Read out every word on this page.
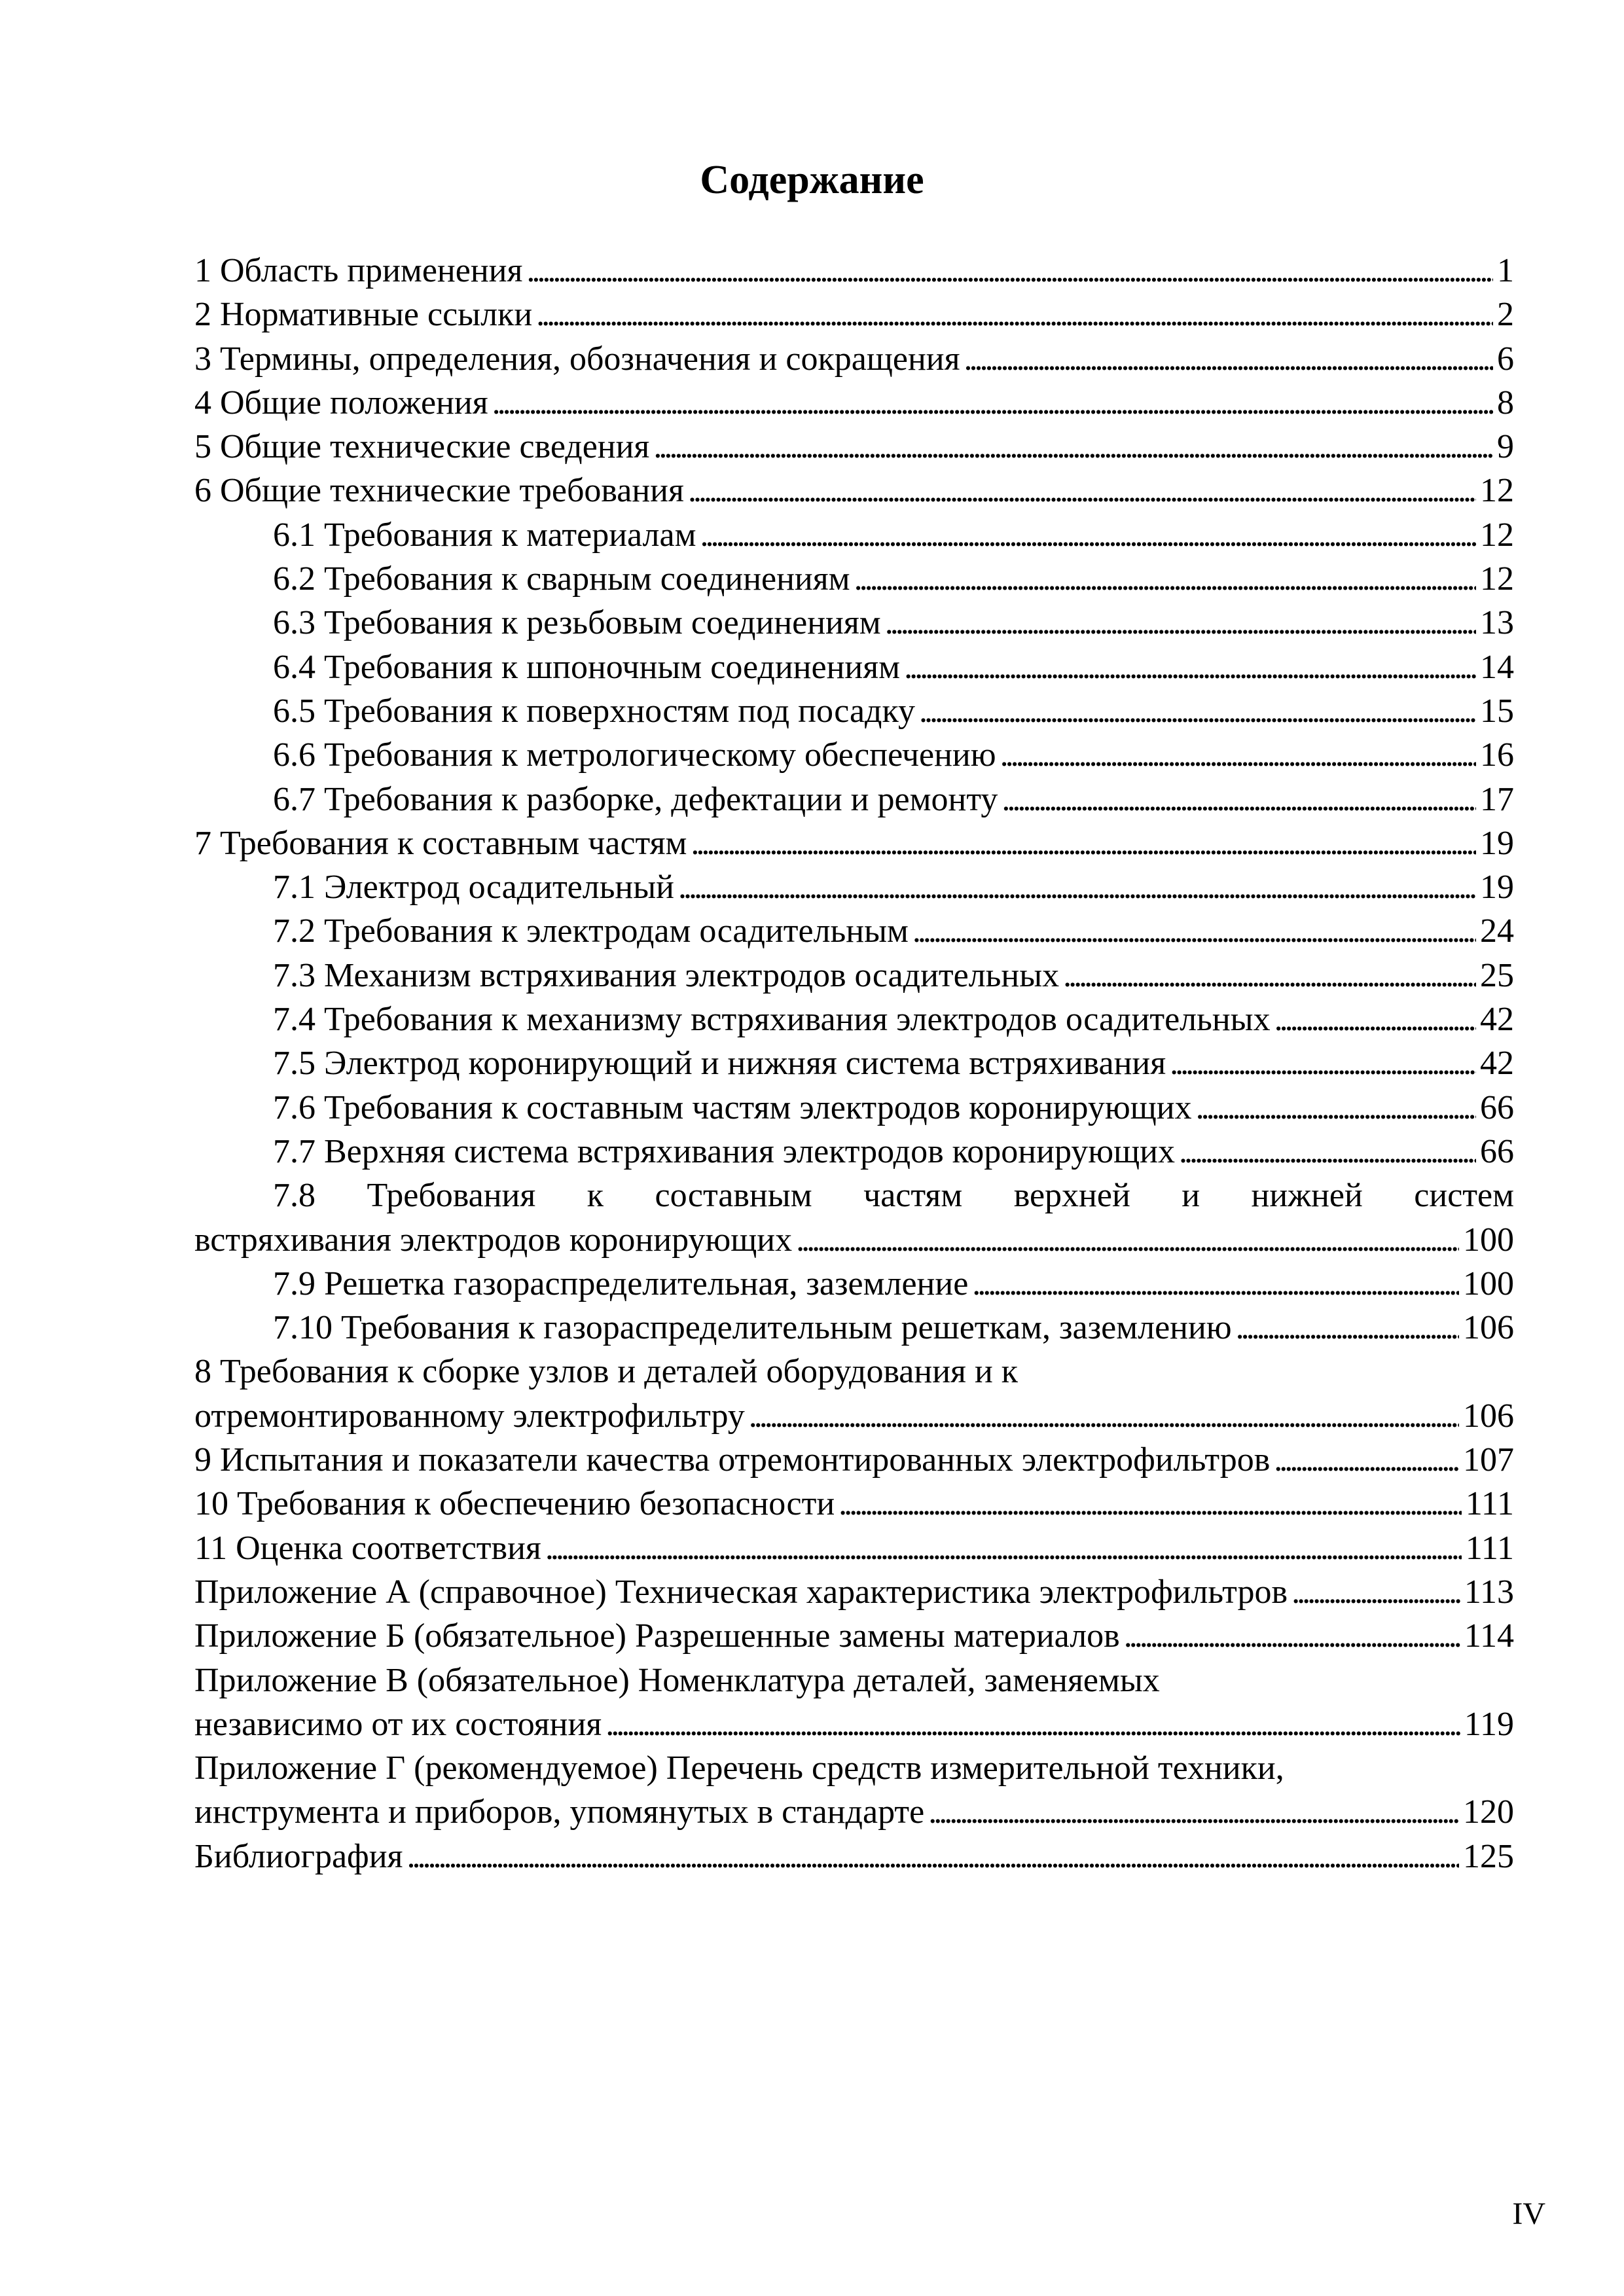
Содержание
1 Область применения . . .	1
2 Нормативные ссылки . . .	2
3 Термины, определения, обозначения и сокращения . . .	6
4 Общие положения . . .	8
5 Общие технические сведения . . .	9
6 Общие технические требования . . .	12
6.1 Требования к материалам . . .	12
6.2 Требования к сварным соединениям . . .	12
6.3 Требования к резьбовым соединениям . . .	13
6.4 Требования к шпоночным соединениям . . .	14
6.5 Требования к поверхностям под посадку . . .	15
6.6 Требования к метрологическому обеспечению . . .	16
6.7 Требования к разборке, дефектации и ремонту . . .	17
7 Требования к составным частям . . .	19
7.1 Электрод осадительный . . .	19
7.2 Требования к электродам осадительным . . .	24
7.3 Механизм встряхивания электродов осадительных . . .	25
7.4 Требования к механизму встряхивания электродов осадительных . . .	42
7.5 Электрод коронирующий и нижняя система встряхивания . . .	42
7.6 Требования к составным частям электродов коронирующих . . .	66
7.7 Верхняя система встряхивания электродов коронирующих . . .	66
7.8 Требования к составным частям верхней и нижней систем
встряхивания электродов коронирующих . . .	100
7.9 Решетка газораспределительная, заземление . . .	100
7.10 Требования к газораспределительным решеткам, заземлению . . .	106
8 Требования к сборке узлов и деталей оборудования и к
отремонтированному электрофильтру . . .	106
9 Испытания и показатели качества отремонтированных электрофильтров . . .	107
10 Требования к обеспечению безопасности . . .	111
11 Оценка соответствия . . .	111
Приложение А (справочное) Техническая характеристика электрофильтров . . .	113
Приложение Б (обязательное) Разрешенные замены материалов . . .	114
Приложение В (обязательное) Номенклатура деталей, заменяемых
независимо от их состояния . . .	119
Приложение Г (рекомендуемое) Перечень средств измерительной техники,
инструмента и приборов, упомянутых в стандарте . . .	120
Библиография . . .	125
IV
